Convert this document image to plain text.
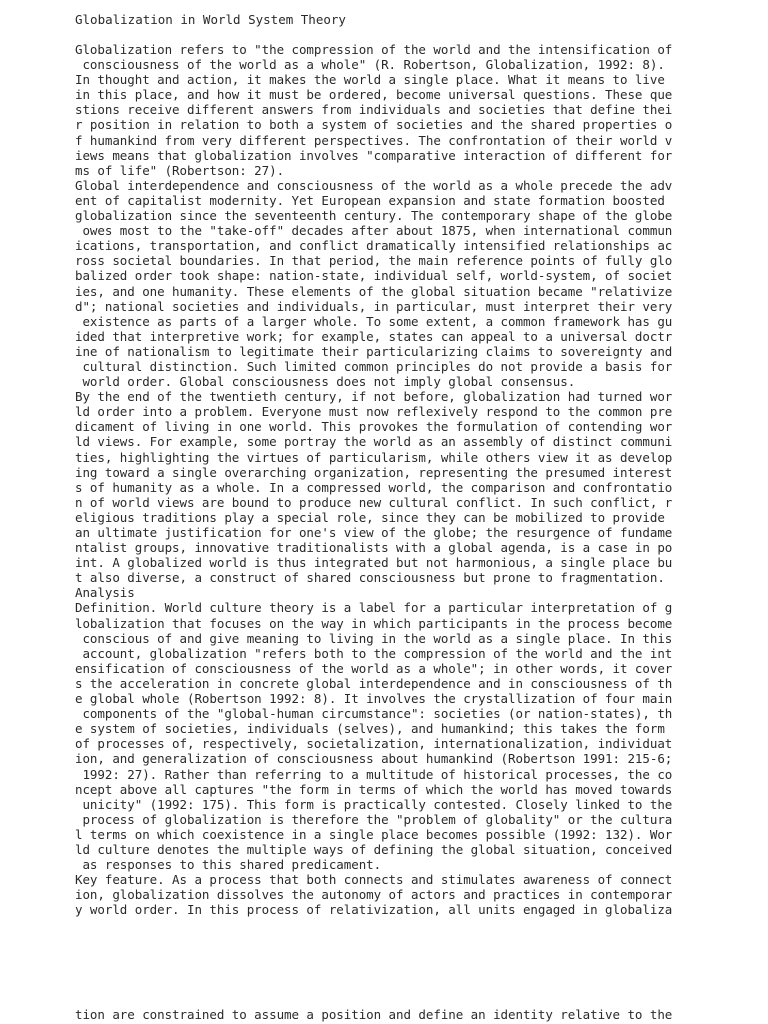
Globalization in World System Theory
Globalization refers to "the compression of the world and the intensification of
consciousness of the world as a whole" (R. Robertson, Globalization, 1992: 8).
In thought and action, it makes the world a single place. What it means to live
in this place, and how it must be ordered, become universal questions. These que
stions receive different answers from individuals and societies that define thei
r position in relation to both a system of societies and the shared properties o
f humankind from very different perspectives. The confrontation of their world v
iews means that globalization involves "comparative interaction of different for
ms of life" (Robertson: 27).
Global interdependence and consciousness of the world as a whole precede the adv
ent of capitalist modernity. Yet European expansion and state formation boosted
globalization since the seventeenth century. The contemporary shape of the globe
owes most to the "take-off" decades after about 1875, when international commun
ications, transportation, and conflict dramatically intensified relationships ac
ross societal boundaries. In that period, the main reference points of fully glo
balized order took shape: nation-state, individual self, world-system, of societ
ies, and one humanity. These elements of the global situation became "relativize
d"; national societies and individuals, in particular, must interpret their very
existence as parts of a larger whole. To some extent, a common framework has gu
ided that interpretive work; for example, states can appeal to a universal doctr
ine of nationalism to legitimate their particularizing claims to sovereignty and
cultural distinction. Such limited common principles do not provide a basis for
world order. Global consciousness does not imply global consensus.
By the end of the twentieth century, if not before, globalization had turned wor
ld order into a problem. Everyone must now reflexively respond to the common pre
dicament of living in one world. This provokes the formulation of contending wor
ld views. For example, some portray the world as an assembly of distinct communi
ties, highlighting the virtues of particularism, while others view it as develop
ing toward a single overarching organization, representing the presumed interest
s of humanity as a whole. In a compressed world, the comparison and confrontatio
n of world views are bound to produce new cultural conflict. In such conflict, r
eligious traditions play a special role, since they can be mobilized to provide
an ultimate justification for one's view of the globe; the resurgence of fundame
ntalist groups, innovative traditionalists with a global agenda, is a case in po
int. A globalized world is thus integrated but not harmonious, a single place bu
t also diverse, a construct of shared consciousness but prone to fragmentation.
Analysis
Definition. World culture theory is a label for a particular interpretation of g
lobalization that focuses on the way in which participants in the process become
conscious of and give meaning to living in the world as a single place. In this
account, globalization "refers both to the compression of the world and the int
ensification of consciousness of the world as a whole"; in other words, it cover
s the acceleration in concrete global interdependence and in consciousness of th
e global whole (Robertson 1992: 8). It involves the crystallization of four main
components of the "global-human circumstance": societies (or nation-states), th
e system of societies, individuals (selves), and humankind; this takes the form
of processes of, respectively, societalization, internationalization, individuat
ion, and generalization of consciousness about humankind (Robertson 1991: 215-6;
1992: 27). Rather than referring to a multitude of historical processes, the co
ncept above all captures "the form in terms of which the world has moved towards
unicity" (1992: 175). This form is practically contested. Closely linked to the
process of globalization is therefore the "problem of globality" or the cultura
l terms on which coexistence in a single place becomes possible (1992: 132). Wor
ld culture denotes the multiple ways of defining the global situation, conceived
as responses to this shared predicament.
Key feature. As a process that both connects and stimulates awareness of connect
ion, globalization dissolves the autonomy of actors and practices in contemporar
y world order. In this process of relativization, all units engaged in globaliza
tion are constrained to assume a position and define an identity relative to the
